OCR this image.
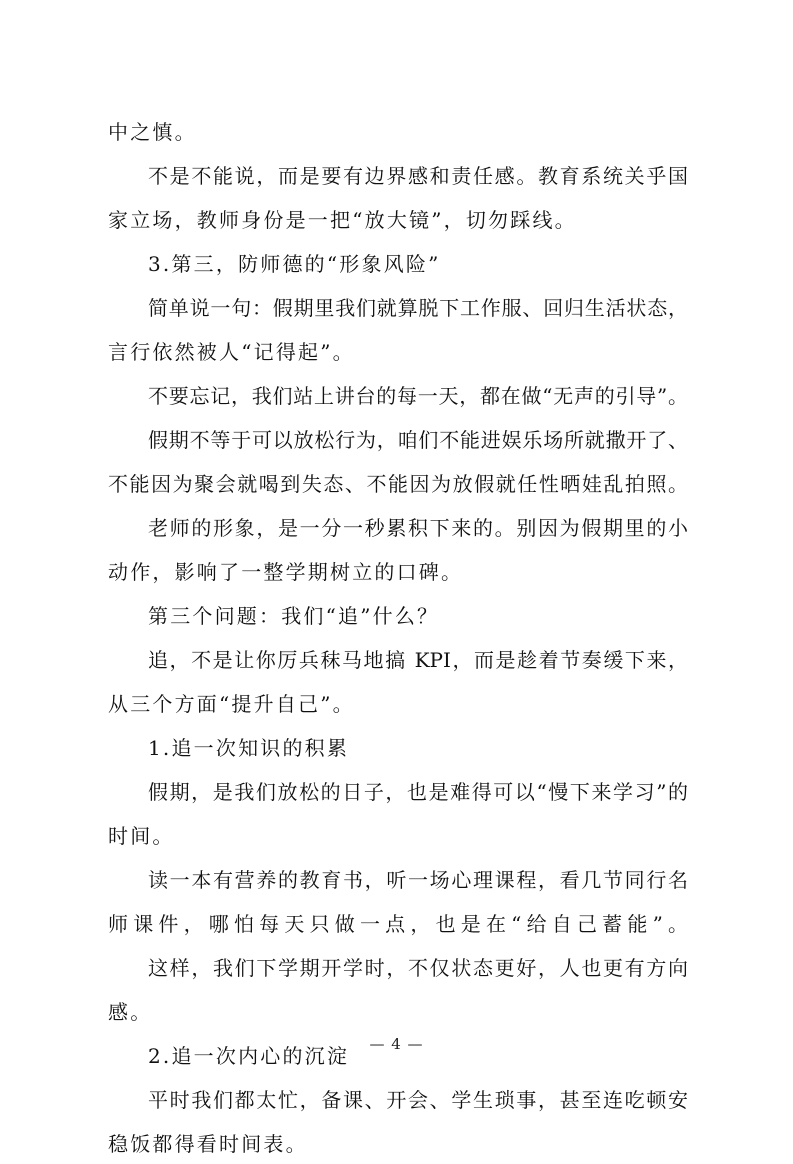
中之慎。
不是不能说，而是要有边界感和责任感。教育系统关乎国
家立场，教师身份是一把“放大镜”，切勿踩线。
3.第三，防师德的“形象风险”
简单说一句：假期里我们就算脱下工作服、回归生活状态，
言行依然被人“记得起”。
不要忘记，我们站上讲台的每一天，都在做“无声的引导”。
假期不等于可以放松行为，咱们不能进娱乐场所就撒开了、
不能因为聚会就喝到失态、不能因为放假就任性晒娃乱拍照。
老师的形象，是一分一秒累积下来的。别因为假期里的小
动作，影响了一整学期树立的口碑。
第三个问题：我们“追”什么？
追，不是让你厉兵秣马地搞 KPI，而是趁着节奏缓下来，
从三个方面“提升自己”。
1.追一次知识的积累
假期，是我们放松的日子，也是难得可以“慢下来学习”的
时间。
读一本有营养的教育书，听一场心理课程，看几节同行名
师课件，哪怕每天只做一点，也是在“给自己蓄能”。
这样，我们下学期开学时，不仅状态更好，人也更有方向
感。
2.追一次内心的沉淀
平时我们都太忙，备课、开会、学生琐事，甚至连吃顿安
稳饭都得看时间表。
— 4 —
